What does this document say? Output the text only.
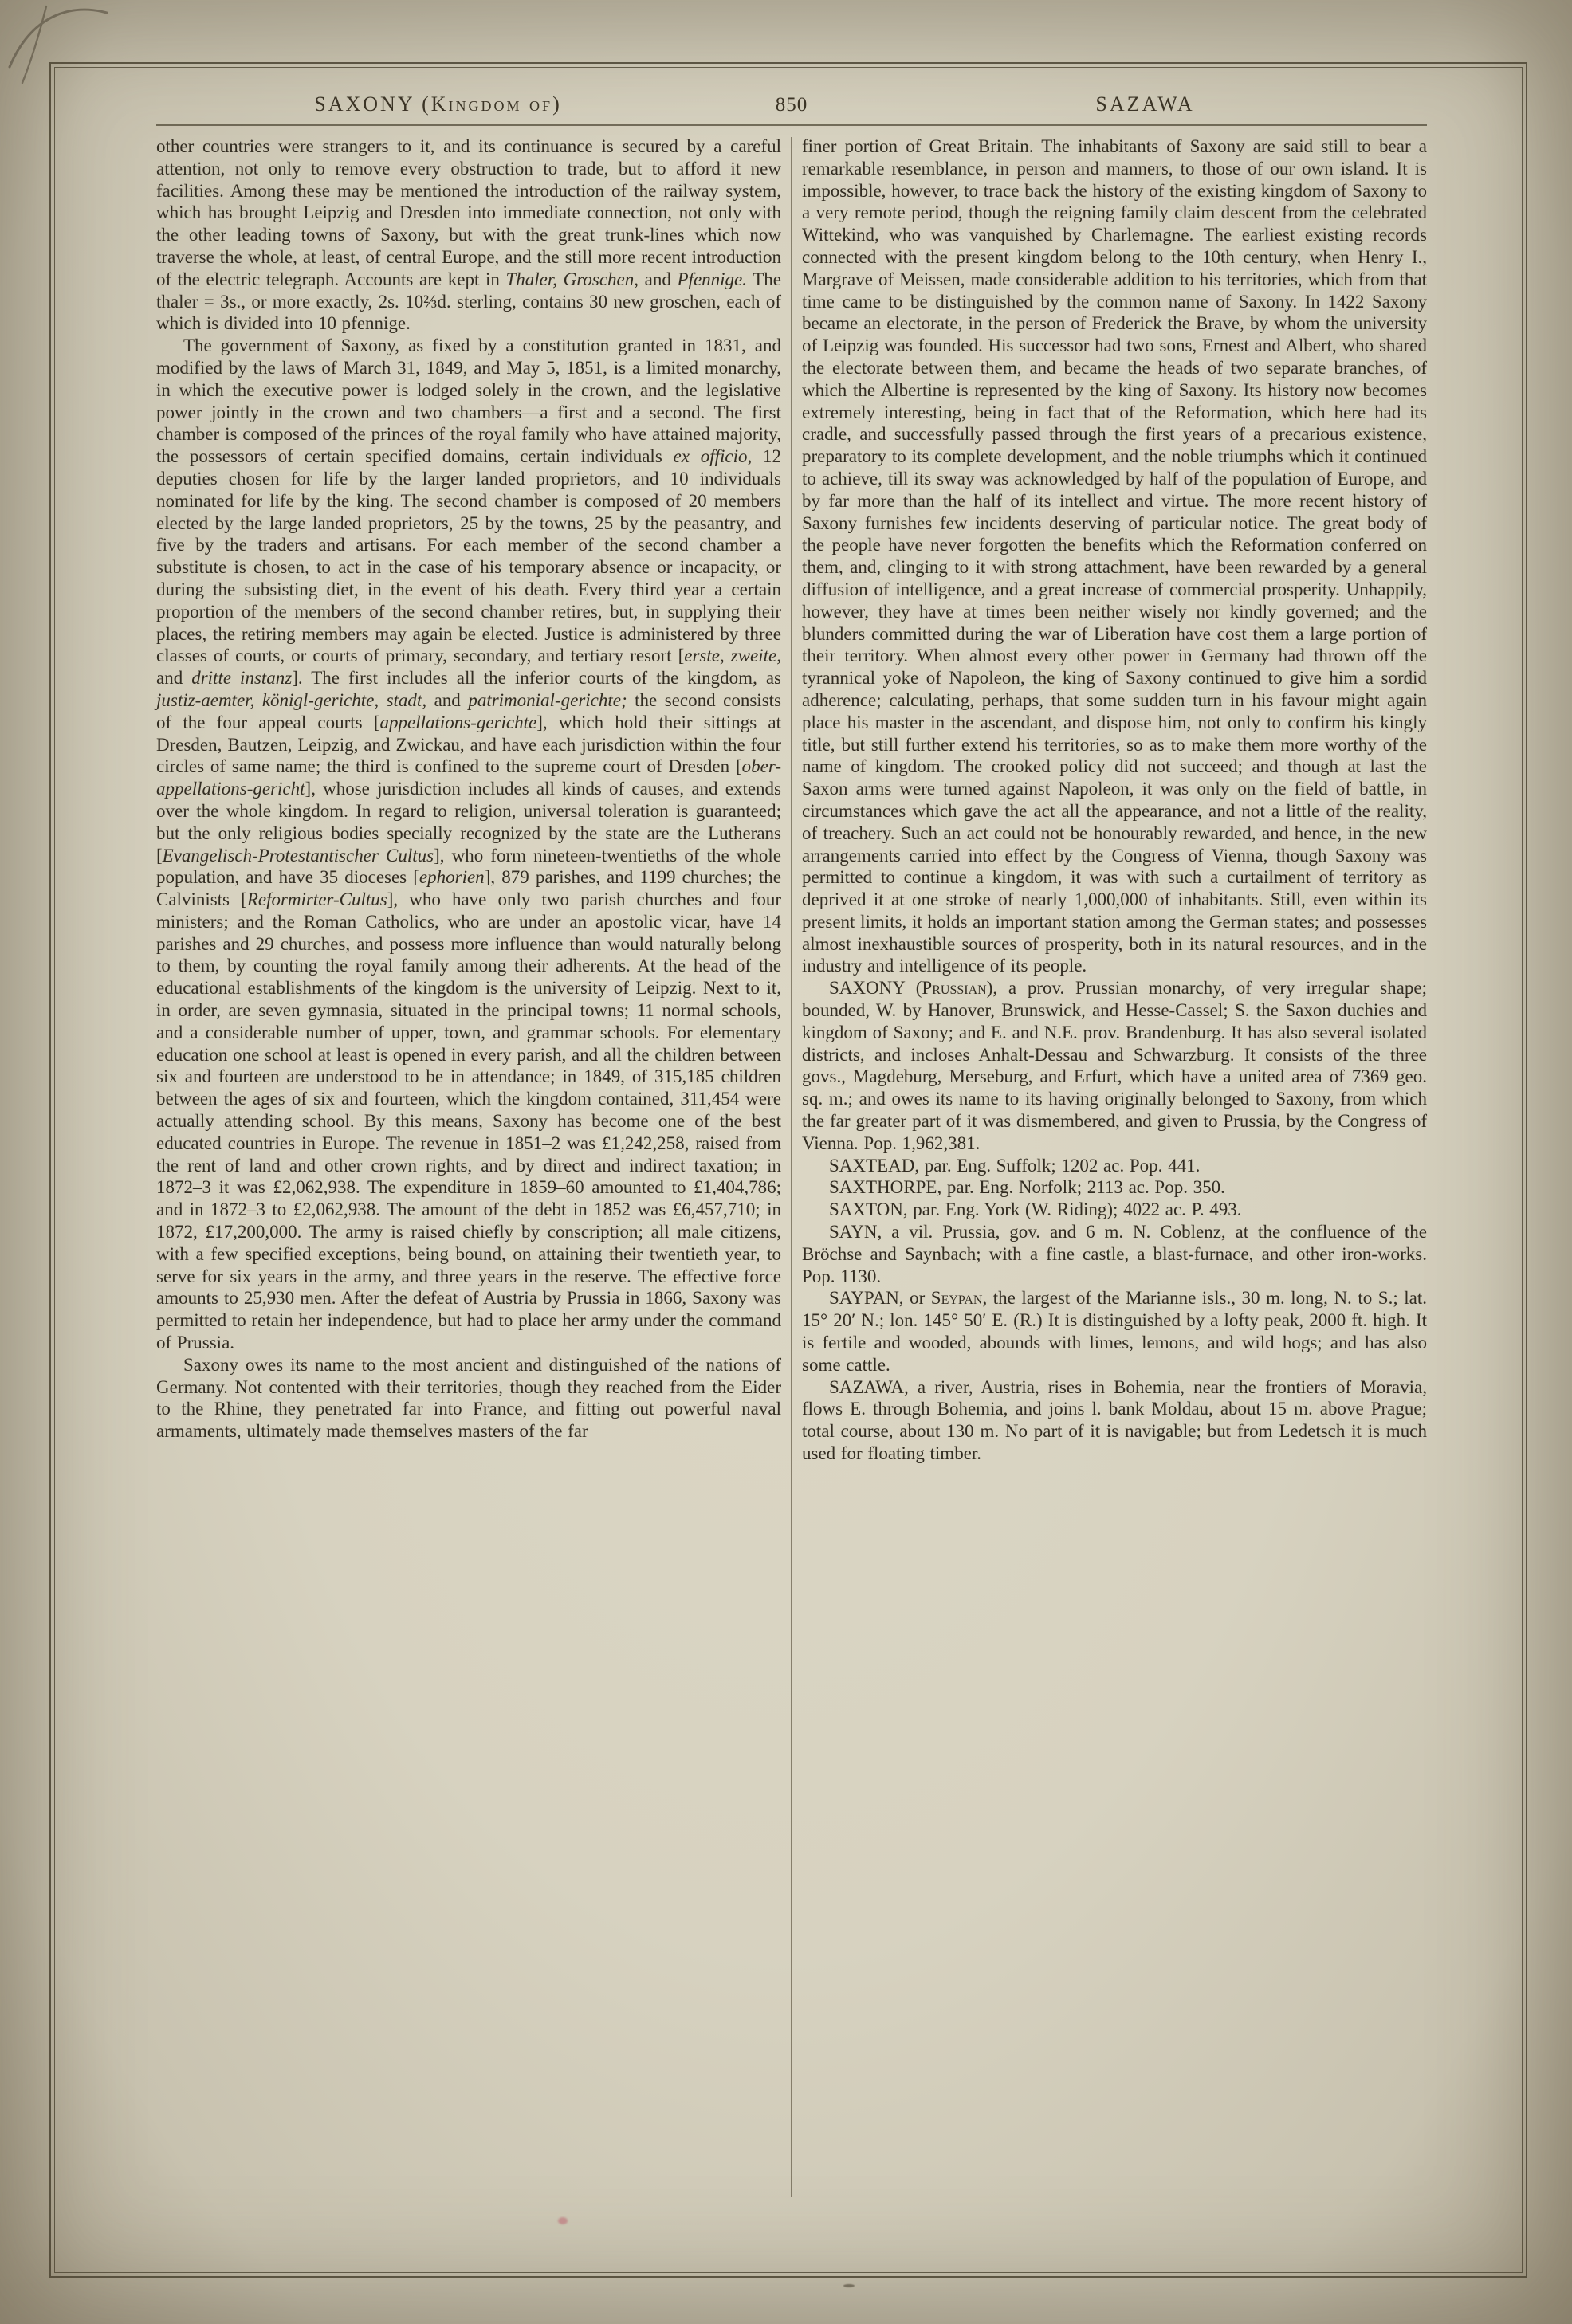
SAXONY (Kingdom of)	850	SAZAWA

other countries were strangers to it, and its continuance is secured by a careful attention, not only to remove every obstruction to trade, but to afford it new facilities. Among these may be mentioned the introduction of the railway system, which has brought Leipzig and Dresden into immediate connection, not only with the other leading towns of Saxony, but with the great trunk-lines which now traverse the whole, at least, of central Europe, and the still more recent introduction of the electric telegraph. Accounts are kept in Thaler, Groschen, and Pfennige. The thaler = 3s., or more exactly, 2s. 10⅔d. sterling, contains 30 new groschen, each of which is divided into 10 pfennige.

The government of Saxony, as fixed by a constitution granted in 1831, and modified by the laws of March 31, 1849, and May 5, 1851, is a limited monarchy, in which the executive power is lodged solely in the crown, and the legislative power jointly in the crown and two chambers—a first and a second. The first chamber is composed of the princes of the royal family who have attained majority, the possessors of certain specified domains, certain individuals ex officio, 12 deputies chosen for life by the larger landed proprietors, and 10 individuals nominated for life by the king. The second chamber is composed of 20 members elected by the large landed proprietors, 25 by the towns, 25 by the peasantry, and five by the traders and artisans. For each member of the second chamber a substitute is chosen, to act in the case of his temporary absence or incapacity, or during the subsisting diet, in the event of his death. Every third year a certain proportion of the members of the second chamber retires, but, in supplying their places, the retiring members may again be elected. Justice is administered by three classes of courts, or courts of primary, secondary, and tertiary resort [erste, zweite, and dritte instanz]. The first includes all the inferior courts of the kingdom, as justiz-aemter, königl-gerichte, stadt, and patrimonial-gerichte; the second consists of the four appeal courts [appellations-gerichte], which hold their sittings at Dresden, Bautzen, Leipzig, and Zwickau, and have each jurisdiction within the four circles of same name; the third is confined to the supreme court of Dresden [ober-appellations-gericht], whose jurisdiction includes all kinds of causes, and extends over the whole kingdom. In regard to religion, universal toleration is guaranteed; but the only religious bodies specially recognized by the state are the Lutherans [Evangelisch-Protestantischer Cultus], who form nineteen-twentieths of the whole population, and have 35 dioceses [ephorien], 879 parishes, and 1199 churches; the Calvinists [Reformirter-Cultus], who have only two parish churches and four ministers; and the Roman Catholics, who are under an apostolic vicar, have 14 parishes and 29 churches, and possess more influence than would naturally belong to them, by counting the royal family among their adherents. At the head of the educational establishments of the kingdom is the university of Leipzig. Next to it, in order, are seven gymnasia, situated in the principal towns; 11 normal schools, and a considerable number of upper, town, and grammar schools. For elementary education one school at least is opened in every parish, and all the children between six and fourteen are understood to be in attendance; in 1849, of 315,185 children between the ages of six and fourteen, which the kingdom contained, 311,454 were actually attending school. By this means, Saxony has become one of the best educated countries in Europe. The revenue in 1851–2 was £1,242,258, raised from the rent of land and other crown rights, and by direct and indirect taxation; in 1872–3 it was £2,062,938. The expenditure in 1859–60 amounted to £1,404,786; and in 1872–3 to £2,062,938. The amount of the debt in 1852 was £6,457,710; in 1872, £17,200,000. The army is raised chiefly by conscription; all male citizens, with a few specified exceptions, being bound, on attaining their twentieth year, to serve for six years in the army, and three years in the reserve. The effective force amounts to 25,930 men. After the defeat of Austria by Prussia in 1866, Saxony was permitted to retain her independence, but had to place her army under the command of Prussia.

Saxony owes its name to the most ancient and distinguished of the nations of Germany. Not contented with their territories, though they reached from the Eider to the Rhine, they penetrated far into France, and fitting out powerful naval armaments, ultimately made themselves masters of the far

finer portion of Great Britain. The inhabitants of Saxony are said still to bear a remarkable resemblance, in person and manners, to those of our own island. It is impossible, however, to trace back the history of the existing kingdom of Saxony to a very remote period, though the reigning family claim descent from the celebrated Wittekind, who was vanquished by Charlemagne. The earliest existing records connected with the present kingdom belong to the 10th century, when Henry I., Margrave of Meissen, made considerable addition to his territories, which from that time came to be distinguished by the common name of Saxony. In 1422 Saxony became an electorate, in the person of Frederick the Brave, by whom the university of Leipzig was founded. His successor had two sons, Ernest and Albert, who shared the electorate between them, and became the heads of two separate branches, of which the Albertine is represented by the king of Saxony. Its history now becomes extremely interesting, being in fact that of the Reformation, which here had its cradle, and successfully passed through the first years of a precarious existence, preparatory to its complete development, and the noble triumphs which it continued to achieve, till its sway was acknowledged by half of the population of Europe, and by far more than the half of its intellect and virtue. The more recent history of Saxony furnishes few incidents deserving of particular notice. The great body of the people have never forgotten the benefits which the Reformation conferred on them, and, clinging to it with strong attachment, have been rewarded by a general diffusion of intelligence, and a great increase of commercial prosperity. Unhappily, however, they have at times been neither wisely nor kindly governed; and the blunders committed during the war of Liberation have cost them a large portion of their territory. When almost every other power in Germany had thrown off the tyrannical yoke of Napoleon, the king of Saxony continued to give him a sordid adherence; calculating, perhaps, that some sudden turn in his favour might again place his master in the ascendant, and dispose him, not only to confirm his kingly title, but still further extend his territories, so as to make them more worthy of the name of kingdom. The crooked policy did not succeed; and though at last the Saxon arms were turned against Napoleon, it was only on the field of battle, in circumstances which gave the act all the appearance, and not a little of the reality, of treachery. Such an act could not be honourably rewarded, and hence, in the new arrangements carried into effect by the Congress of Vienna, though Saxony was permitted to continue a kingdom, it was with such a curtailment of territory as deprived it at one stroke of nearly 1,000,000 of inhabitants. Still, even within its present limits, it holds an important station among the German states; and possesses almost inexhaustible sources of prosperity, both in its natural resources, and in the industry and intelligence of its people.

SAXONY (Prussian), a prov. Prussian monarchy, of very irregular shape; bounded, W. by Hanover, Brunswick, and Hesse-Cassel; S. the Saxon duchies and kingdom of Saxony; and E. and N.E. prov. Brandenburg. It has also several isolated districts, and incloses Anhalt-Dessau and Schwarzburg. It consists of the three govs., Magdeburg, Merseburg, and Erfurt, which have a united area of 7369 geo. sq. m.; and owes its name to its having originally belonged to Saxony, from which the far greater part of it was dismembered, and given to Prussia, by the Congress of Vienna. Pop. 1,962,381.

SAXTEAD, par. Eng. Suffolk; 1202 ac. Pop. 441.

SAXTHORPE, par. Eng. Norfolk; 2113 ac. Pop. 350.

SAXTON, par. Eng. York (W. Riding); 4022 ac. P. 493.

SAYN, a vil. Prussia, gov. and 6 m. N. Coblenz, at the confluence of the Bröchse and Saynbach; with a fine castle, a blast-furnace, and other iron-works. Pop. 1130.

SAYPAN, or Seypan, the largest of the Marianne isls., 30 m. long, N. to S.; lat. 15° 20′ N.; lon. 145° 50′ E. (R.) It is distinguished by a lofty peak, 2000 ft. high. It is fertile and wooded, abounds with limes, lemons, and wild hogs; and has also some cattle.

SAZAWA, a river, Austria, rises in Bohemia, near the frontiers of Moravia, flows E. through Bohemia, and joins l. bank Moldau, about 15 m. above Prague; total course, about 130 m. No part of it is navigable; but from Ledetsch it is much used for floating timber.
